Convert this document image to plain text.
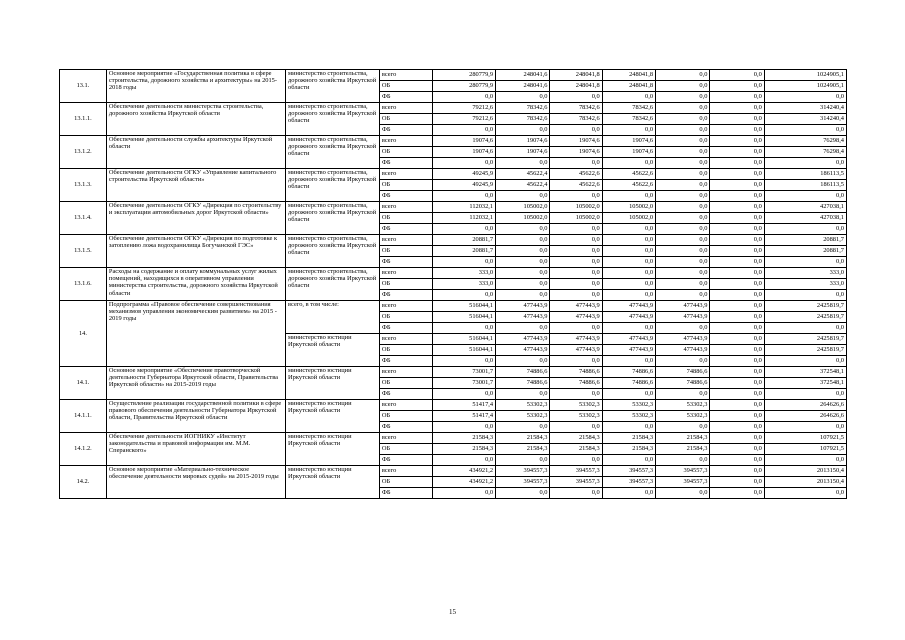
13.1.	Основное мероприятие «Государственная политика в сфере строительства, дорожного хозяйства и архитектуры» на 2015-2018 годы	министерство строительства, дорожного хозяйства Иркутской области	всего	280779,9	248041,6	248041,8	248041,8	0,0	0,0	1024905,1
			ОБ	280779,9	248041,6	248041,8	248041,8	0,0	0,0	1024905,1
			ФБ	0,0	0,0	0,0	0,0	0,0	0,0	0,0
13.1.1.	Обеспечение деятельности министерства строительства, дорожного хозяйства Иркутской области	министерство строительства, дорожного хозяйства Иркутской области	всего	79212,6	78342,6	78342,6	78342,6	0,0	0,0	314240,4
			ОБ	79212,6	78342,6	78342,6	78342,6	0,0	0,0	314240,4
			ФБ	0,0	0,0	0,0	0,0	0,0	0,0	0,0
13.1.2.	Обеспечение деятельности службы архитектуры Иркутской области	министерство строительства, дорожного хозяйства Иркутской области	всего	19074,6	19074,6	19074,6	19074,6	0,0	0,0	76298,4
			ОБ	19074,6	19074,6	19074,6	19074,6	0,0	0,0	76298,4
			ФБ	0,0	0,0	0,0	0,0	0,0	0,0	0,0
13.1.3.	Обеспечение деятельности ОГКУ «Управление капитального строительства Иркутской области»	министерство строительства, дорожного хозяйства Иркутской области	всего	49245,9	45622,4	45622,6	45622,6	0,0	0,0	186113,5
			ОБ	49245,9	45622,4	45622,6	45622,6	0,0	0,0	186113,5
			ФБ	0,0	0,0	0,0	0,0	0,0	0,0	0,0
13.1.4.	Обеспечение деятельности ОГКУ «Дирекция по строительству и эксплуатации автомобильных дорог Иркутской области»	министерство строительства, дорожного хозяйства Иркутской области	всего	112032,1	105002,0	105002,0	105002,0	0,0	0,0	427038,1
			ОБ	112032,1	105002,0	105002,0	105002,0	0,0	0,0	427038,1
			ФБ	0,0	0,0	0,0	0,0	0,0	0,0	0,0
13.1.5.	Обеспечение деятельности ОГКУ «Дирекция по подготовке к затоплению ложа водохранилища Богучанской ГЭС»	министерство строительства, дорожного хозяйства Иркутской области	всего	20881,7	0,0	0,0	0,0	0,0	0,0	20881,7
			ОБ	20881,7	0,0	0,0	0,0	0,0	0,0	20881,7
			ФБ	0,0	0,0	0,0	0,0	0,0	0,0	0,0
13.1.6.	Расходы на содержание и оплату коммунальных услуг жилых помещений, находящихся в оперативном управлении министерства строительства, дорожного хозяйства Иркутской области	министерство строительства, дорожного хозяйства Иркутской области	всего	333,0	0,0	0,0	0,0	0,0	0,0	333,0
			ОБ	333,0	0,0	0,0	0,0	0,0	0,0	333,0
			ФБ	0,0	0,0	0,0	0,0	0,0	0,0	0,0
14.	Подпрограмма «Правовое обеспечение совершенствования механизмов управления экономическим развитием» на 2015 - 2019 годы	всего, в том числе:	всего	516044,1	477443,9	477443,9	477443,9	477443,9	0,0	2425819,7
			ОБ	516044,1	477443,9	477443,9	477443,9	477443,9	0,0	2425819,7
			ФБ	0,0	0,0	0,0	0,0	0,0	0,0	0,0
		министерство юстиции Иркутской области	всего	516044,1	477443,9	477443,9	477443,9	477443,9	0,0	2425819,7
			ОБ	516044,1	477443,9	477443,9	477443,9	477443,9	0,0	2425819,7
			ФБ	0,0	0,0	0,0	0,0	0,0	0,0	0,0
14.1.	Основное мероприятие «Обеспечение правотворческой деятельности Губернатора Иркутской области, Правительства Иркутской области» на 2015-2019 годы	министерство юстиции Иркутской области	всего	73001,7	74886,6	74886,6	74886,6	74886,6	0,0	372548,1
			ОБ	73001,7	74886,6	74886,6	74886,6	74886,6	0,0	372548,1
			ФБ	0,0	0,0	0,0	0,0	0,0	0,0	0,0
14.1.1.	Осуществление реализации государственной политики в сфере правового обеспечения деятельности Губернатора Иркутской области, Правительства Иркутской области	министерство юстиции Иркутской области	всего	51417,4	53302,3	53302,3	53302,3	53302,3	0,0	264626,6
			ОБ	51417,4	53302,3	53302,3	53302,3	53302,3	0,0	264626,6
			ФБ	0,0	0,0	0,0	0,0	0,0	0,0	0,0
14.1.2.	Обеспечение деятельности ИОГНИКУ «Институт законодательства и правовой информации им. М.М. Сперанского»	министерство юстиции Иркутской области	всего	21584,3	21584,3	21584,3	21584,3	21584,3	0,0	107921,5
			ОБ	21584,3	21584,3	21584,3	21584,3	21584,3	0,0	107921,5
			ФБ	0,0	0,0	0,0	0,0	0,0	0,0	0,0
14.2.	Основное мероприятие «Материально-техническое обеспечение деятельности мировых судей» на 2015-2019 годы	министерство юстиции Иркутской области	всего	434921,2	394557,3	394557,3	394557,3	394557,3	0,0	2013150,4
			ОБ	434921,2	394557,3	394557,3	394557,3	394557,3	0,0	2013150,4
			ФБ	0,0	0,0	0,0	0,0	0,0	0,0	0,0
15
